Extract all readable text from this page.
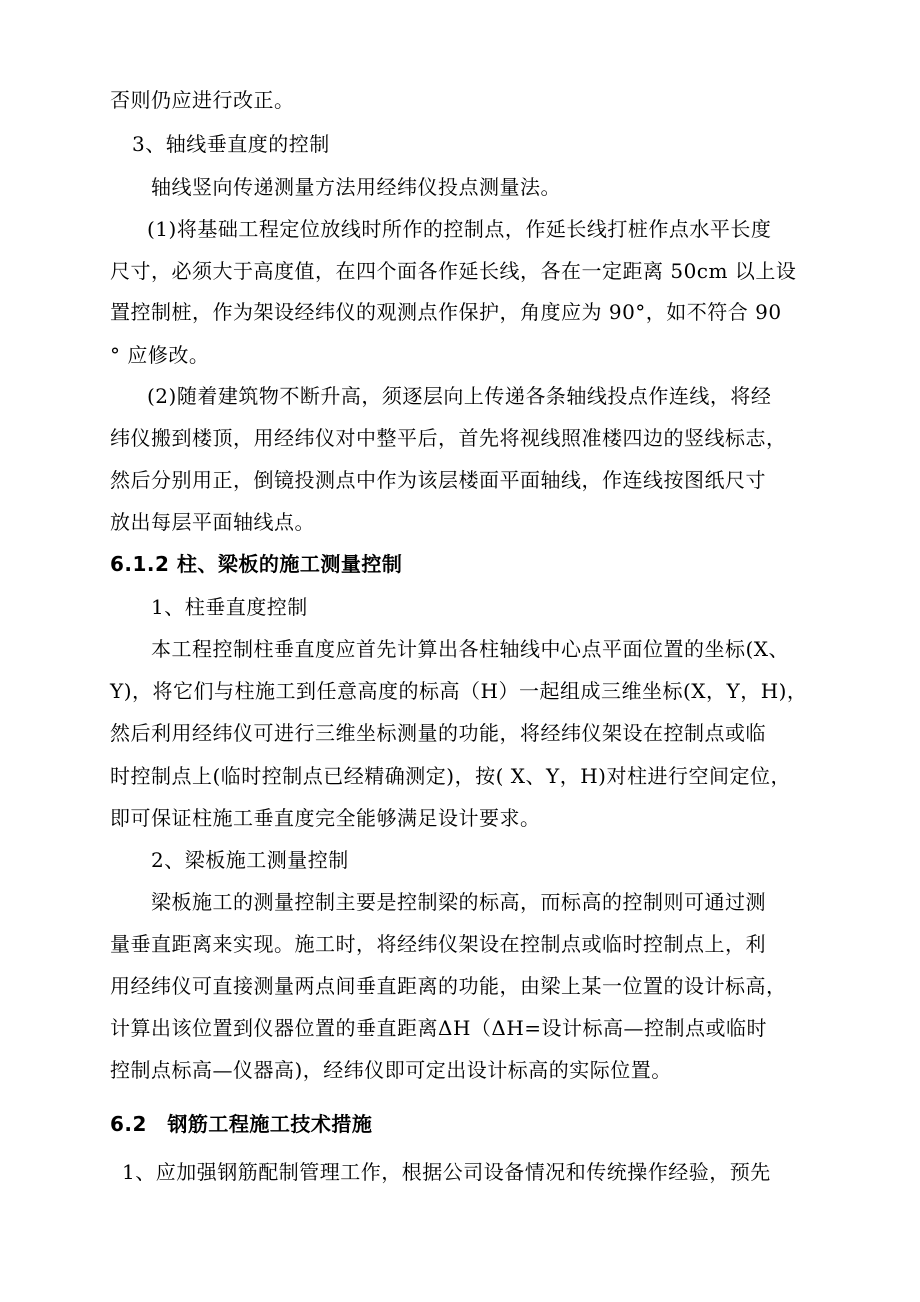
否则仍应进行改正。
3、轴线垂直度的控制
轴线竖向传递测量方法用经纬仪投点测量法。
(1)将基础工程定位放线时所作的控制点，作延长线打桩作点水平长度
尺寸，必须大于高度值，在四个面各作延长线，各在一定距离 50cm 以上设
置控制桩，作为架设经纬仪的观测点作保护，角度应为 90°，如不符合 90
° 应修改。
(2)随着建筑物不断升高，须逐层向上传递各条轴线投点作连线，将经
纬仪搬到楼顶，用经纬仪对中整平后，首先将视线照准楼四边的竖线标志，
然后分别用正，倒镜投测点中作为该层楼面平面轴线，作连线按图纸尺寸
放出每层平面轴线点。
6.1.2 柱、梁板的施工测量控制
1、柱垂直度控制
本工程控制柱垂直度应首先计算出各柱轴线中心点平面位置的坐标(X、
Y)，将它们与柱施工到任意高度的标高（H）一起组成三维坐标(X，Y，H)，
然后利用经纬仪可进行三维坐标测量的功能，将经纬仪架设在控制点或临
时控制点上(临时控制点已经精确测定)，按( X、Y，H)对柱进行空间定位，
即可保证柱施工垂直度完全能够满足设计要求。
2、梁板施工测量控制
梁板施工的测量控制主要是控制梁的标高，而标高的控制则可通过测
量垂直距离来实现。施工时，将经纬仪架设在控制点或临时控制点上，利
用经纬仪可直接测量两点间垂直距离的功能，由梁上某一位置的设计标高，
计算出该位置到仪器位置的垂直距离ΔH（ΔH=设计标高—控制点或临时
控制点标高—仪器高)，经纬仪即可定出设计标高的实际位置。
6.2　钢筋工程施工技术措施
1、应加强钢筋配制管理工作，根据公司设备情况和传统操作经验，预先
